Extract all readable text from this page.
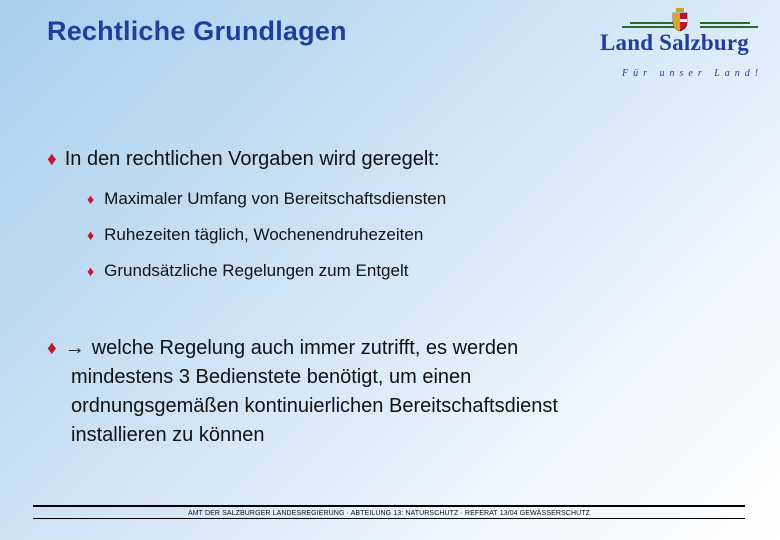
Rechtliche Grundlagen	Land Salzburg
Für unser Land!
♦ In den rechtlichen Vorgaben wird geregelt:
♦ Maximaler Umfang von Bereitschaftsdiensten
♦ Ruhezeiten täglich, Wochenendruhezeiten
♦ Grundsätzliche Regelungen zum Entgelt
♦ → welche Regelung auch immer zutrifft, es werden
mindestens 3 Bedienstete benötigt, um einen
ordnungsgemäßen kontinuierlichen Bereitschaftsdienst
installieren zu können
AMT DER SALZBURGER LANDESREGIERUNG · ABTEILUNG 13: NATURSCHUTZ · REFERAT 13/04 GEWÄSSERSCHUTZ
